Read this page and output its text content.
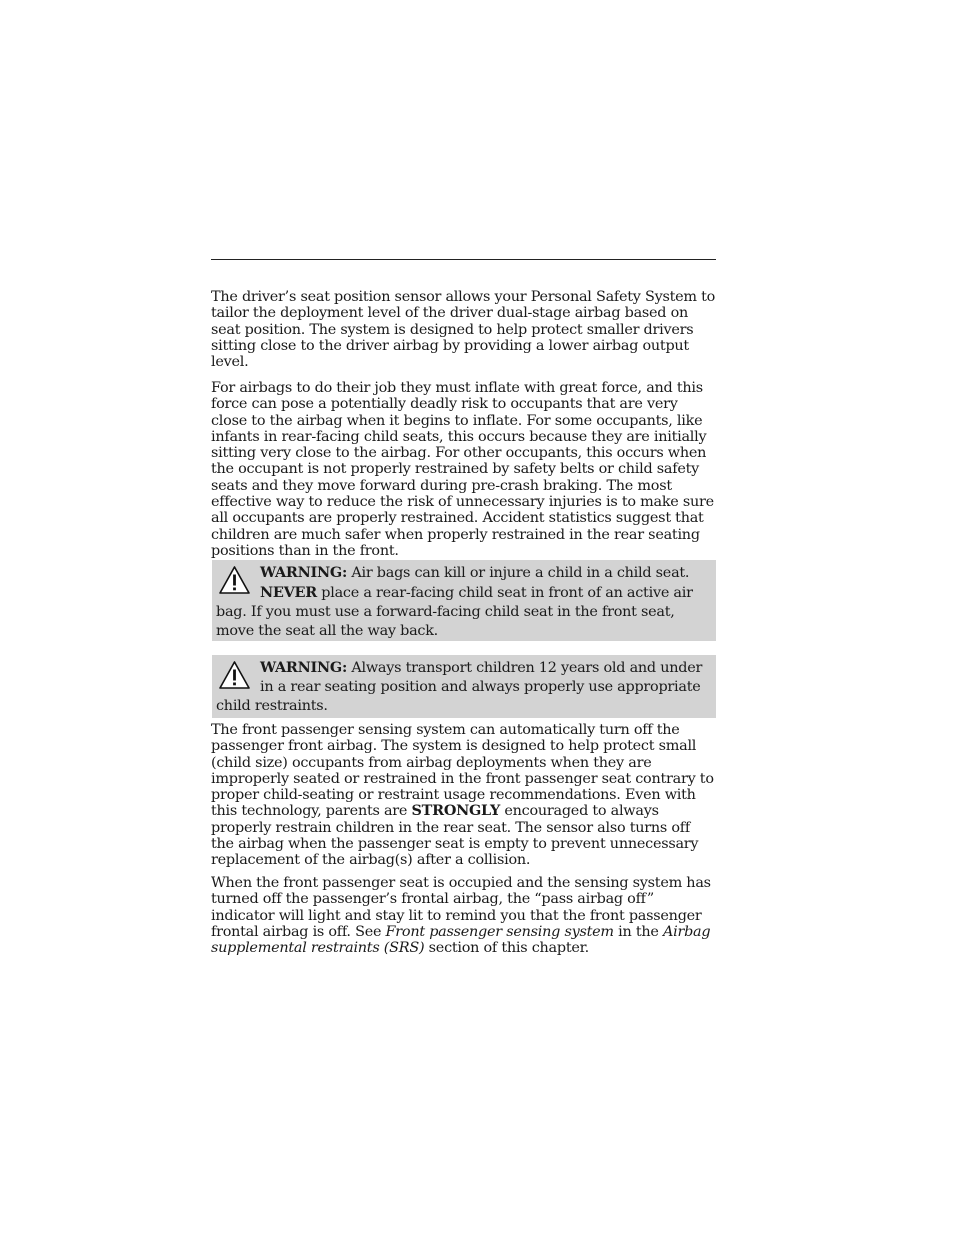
The driver’s seat position sensor allows your Personal Safety System to tailor the deployment level of the driver dual-stage airbag based on seat position. The system is designed to help protect smaller drivers sitting close to the driver airbag by providing a lower airbag output level.

For airbags to do their job they must inflate with great force, and this force can pose a potentially deadly risk to occupants that are very close to the airbag when it begins to inflate. For some occupants, like infants in rear-facing child seats, this occurs because they are initially sitting very close to the airbag. For other occupants, this occurs when the occupant is not properly restrained by safety belts or child safety seats and they move forward during pre-crash braking. The most effective way to reduce the risk of unnecessary injuries is to make sure all occupants are properly restrained. Accident statistics suggest that children are much safer when properly restrained in the rear seating positions than in the front.

WARNING: Air bags can kill or injure a child in a child seat. NEVER place a rear-facing child seat in front of an active air bag. If you must use a forward-facing child seat in the front seat, move the seat all the way back.
WARNING: Always transport children 12 years old and under in a rear seating position and always properly use appropriate child restraints.

The front passenger sensing system can automatically turn off the passenger front airbag. The system is designed to help protect small (child size) occupants from airbag deployments when they are improperly seated or restrained in the front passenger seat contrary to proper child-seating or restraint usage recommendations. Even with this technology, parents are STRONGLY encouraged to always properly restrain children in the rear seat. The sensor also turns off the airbag when the passenger seat is empty to prevent unnecessary replacement of the airbag(s) after a collision.

When the front passenger seat is occupied and the sensing system has turned off the passenger’s frontal airbag, the “pass airbag off” indicator will light and stay lit to remind you that the front passenger frontal airbag is off. See Front passenger sensing system in the Airbag supplemental restraints (SRS) section of this chapter.
